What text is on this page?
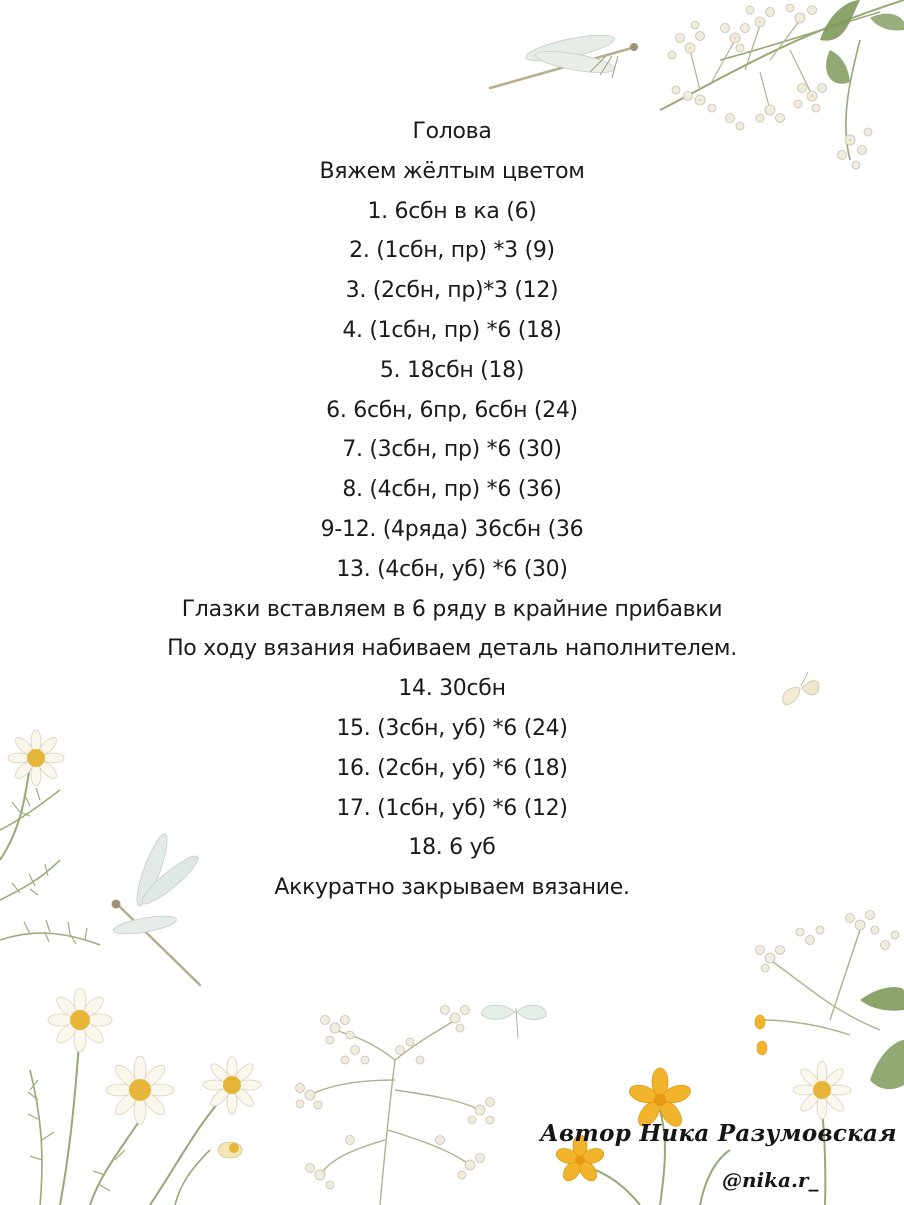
Голова
Вяжем жёлтым цветом
1. 6сбн в ка (6)
2. (1сбн, пр) *3 (9)
3. (2сбн, пр)*3 (12)
4. (1сбн, пр) *6 (18)
5. 18сбн (18)
6. 6сбн, 6пр, 6сбн (24)
7. (3сбн, пр) *6 (30)
8. (4сбн, пр) *6 (36)
9-12. (4ряда) 36сбн (36
13. (4сбн, уб) *6 (30)
Глазки вставляем в 6 ряду в крайние прибавки
По ходу вязания набиваем деталь наполнителем.
14. 30сбн
15. (3сбн, уб) *6 (24)
16. (2сбн, уб) *6 (18)
17. (1сбн, уб) *6 (12)
18. 6 уб
Аккуратно закрываем вязание.
Автор Ника Разумовская
@nika.r_
